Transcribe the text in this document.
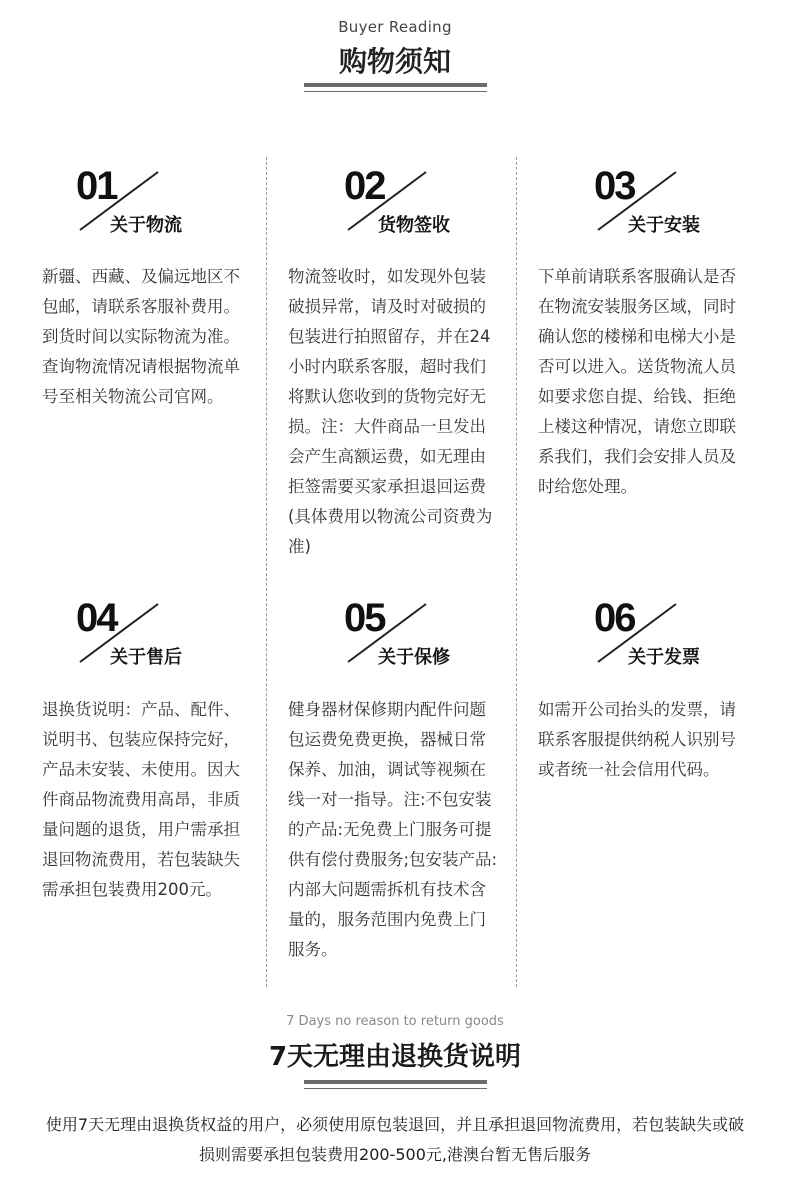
Buyer Reading
购物须知
01
关于物流
新疆、西藏、及偏远地区不包邮，请联系客服补费用。到货时间以实际物流为准。查询物流情况请根据物流单号至相关物流公司官网。
02
货物签收
物流签收时，如发现外包装破损异常，请及时对破损的包装进行拍照留存，并在24小时内联系客服，超时我们将默认您收到的货物完好无损。注：大件商品一旦发出会产生高额运费，如无理由拒签需要买家承担退回运费(具体费用以物流公司资费为准)
03
关于安装
下单前请联系客服确认是否在物流安装服务区域，同时确认您的楼梯和电梯大小是否可以进入。送货物流人员如要求您自提、给钱、拒绝上楼这种情况，请您立即联系我们，我们会安排人员及时给您处理。
04
关于售后
退换货说明：产品、配件、说明书、包装应保持完好，产品未安装、未使用。因大件商品物流费用高昂，非质量问题的退货，用户需承担退回物流费用，若包装缺失需承担包装费用200元。
05
关于保修
健身器材保修期内配件问题包运费免费更换，器械日常保养、加油，调试等视频在线一对一指导。注:不包安装的产品:无免费上门服务可提供有偿付费服务;包安装产品:内部大问题需拆机有技术含量的，服务范围内免费上门服务。
06
关于发票
如需开公司抬头的发票，请联系客服提供纳税人识别号或者统一社会信用代码。
7 Days no reason to return goods
7天无理由退换货说明
使用7天无理由退换货权益的用户，必须使用原包装退回，并且承担退回物流费用，若包装缺失或破损则需要承担包装费用200-500元,港澳台暂无售后服务
